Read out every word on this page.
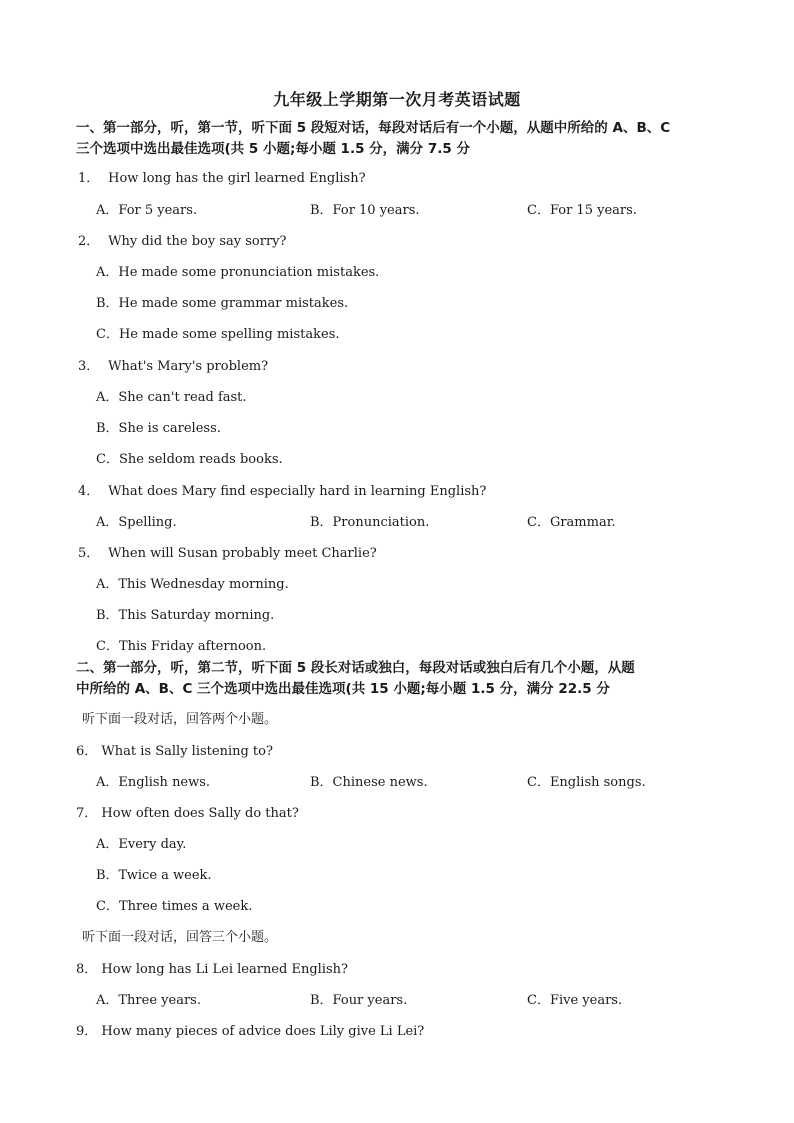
九年级上学期第一次月考英语试题
一、第一部分，听，第一节，听下面 5 段短对话，每段对话后有一个小题，从题中所给的 A、B、C
三个选项中选出最佳选项(共 5 小题;每小题 1.5 分，满分 7.5 分
1． How long has the girl learned English?
A．For 5 years.	B．For 10 years.	C．For 15 years.
2． Why did the boy say sorry?
A．He made some pronunciation mistakes.
B．He made some grammar mistakes.
C．He made some spelling mistakes.
3． What's Mary's problem?
A．She can't read fast.
B．She is careless.
C．She seldom reads books.
4． What does Mary find especially hard in learning English?
A．Spelling.	B．Pronunciation.	C．Grammar.
5． When will Susan probably meet Charlie?
A．This Wednesday morning.
B．This Saturday morning.
C．This Friday afternoon.
二、第一部分，听，第二节，听下面 5 段长对话或独白，每段对话或独白后有几个小题，从题
中所给的 A、B、C 三个选项中选出最佳选项(共 15 小题;每小题 1.5 分，满分 22.5 分
听下面一段对话，回答两个小题。
6． What is Sally listening to?
A．English news.	B．Chinese news.	C．English songs.
7． How often does Sally do that?
A．Every day.
B．Twice a week.
C．Three times a week.
听下面一段对话，回答三个小题。
8． How long has Li Lei learned English?
A．Three years.	B．Four years.	C．Five years.
9． How many pieces of advice does Lily give Li Lei?
